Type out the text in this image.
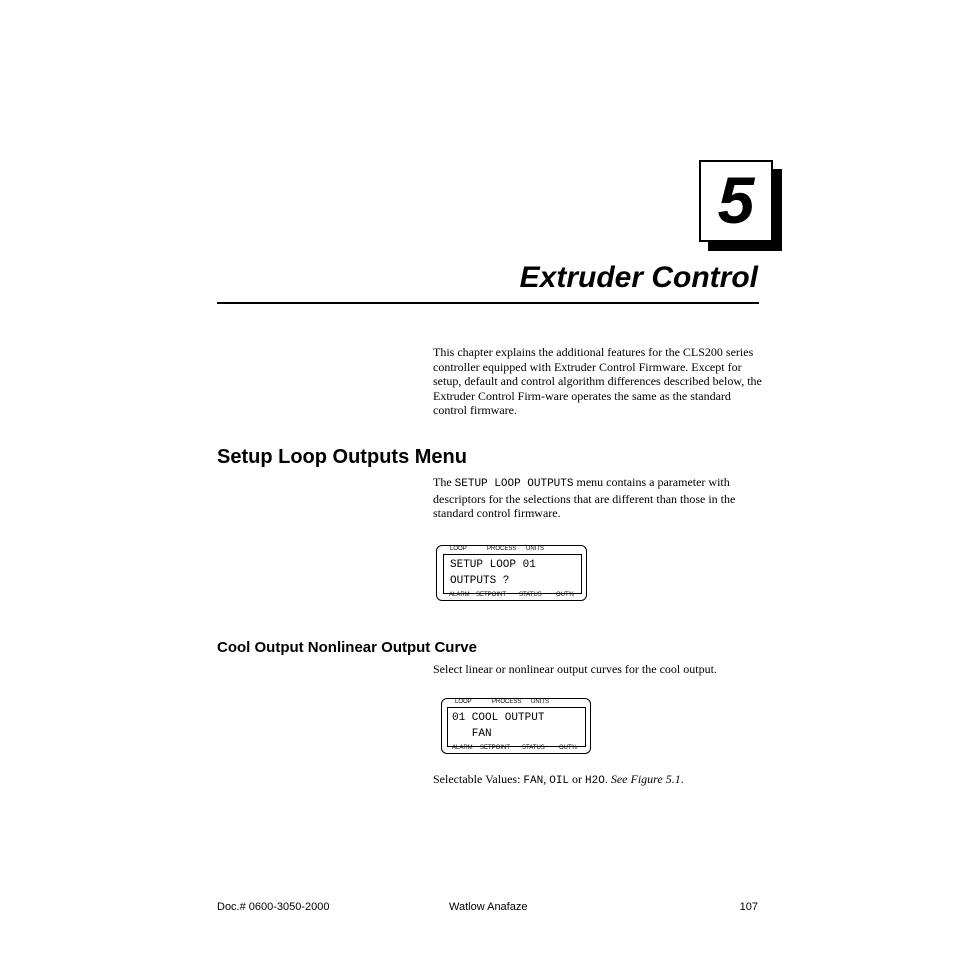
5
Extruder Control

This chapter explains the additional features for the CLS200 series controller equipped with Extruder Control Firmware. Except for setup, default and control algorithm differences described below, the Extruder Control Firm-ware operates the same as the standard control firmware.

Setup Loop Outputs Menu

The SETUP LOOP OUTPUTS menu contains a parameter with descriptors for the selections that are different than those in the standard control firmware.

LOOP	PROCESS UNITS
SETUP LOOP 01
OUTPUTS ?
ALARM SETPOINT STATUS OUT%
Cool Output Nonlinear Output Curve

Select linear or nonlinear output curves for the cool output.

LOOP	PROCESS UNITS
01 COOL OUTPUT
FAN
ALARM SETPOINT STATUS OUT%

Selectable Values: FAN, OIL or H2O. See Figure 5.1.

Doc.# 0600-3050-2000	Watlow Anafaze	107
